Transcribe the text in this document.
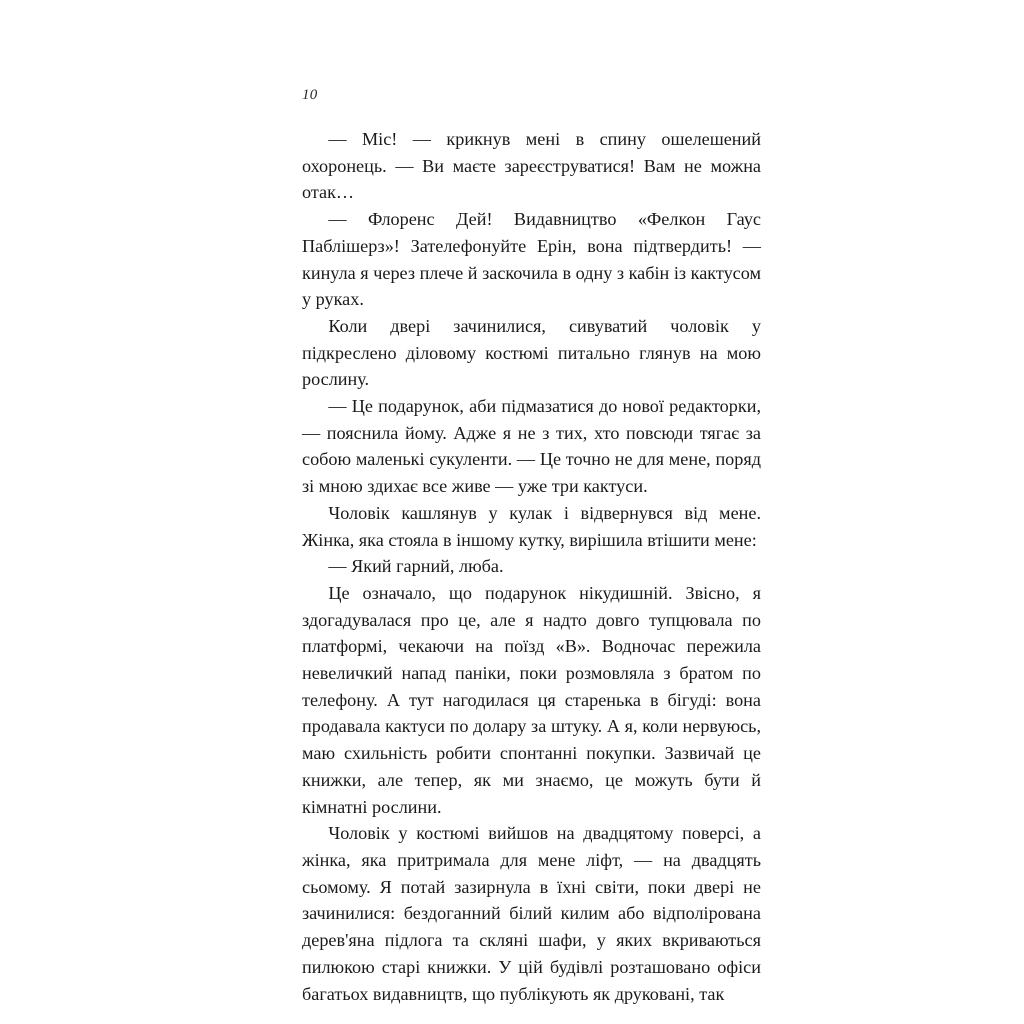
10

— Міс! — крикнув мені в спину ошелешений охоронець. — Ви маєте зареєструватися! Вам не можна отак…

— Флоренс Дей! Видавництво «Фелкон Гаус Паблішерз»! Зателефонуйте Ерін, вона підтвердить! — кинула я через плече й заскочила в одну з кабін із кактусом у руках.

Коли двері зачинилися, сивуватий чоловік у підкреслено діловому костюмі питально глянув на мою рослину.

— Це подарунок, аби підмазатися до нової редакторки, — пояснила йому. Адже я не з тих, хто повсюди тягає за собою маленькі сукуленти. — Це точно не для мене, поряд зі мною здихає все живе — уже три кактуси.

Чоловік кашлянув у кулак і відвернувся від мене. Жінка, яка стояла в іншому кутку, вирішила втішити мене:

— Який гарний, люба.

Це означало, що подарунок нікудишній. Звісно, я здогадувалася про це, але я надто довго тупцювала по платформі, чекаючи на поїзд «В». Водночас пережила невеличкий напад паніки, поки розмовляла з братом по телефону. А тут нагодилася ця старенька в бігуді: вона продавала кактуси по долару за штуку. А я, коли нервуюсь, маю схильність робити спонтанні покупки. Зазвичай це книжки, але тепер, як ми знаємо, це можуть бути й кімнатні рослини.

Чоловік у костюмі вийшов на двадцятому поверсі, а жінка, яка притримала для мене ліфт, — на двадцять сьомому. Я потай зазирнула в їхні світи, поки двері не зачинилися: бездоганний білий килим або відполірована дерев'яна підлога та скляні шафи, у яких вкриваються пилюкою старі книжки. У цій будівлі розташовано офіси багатьох видавництв, що публікують як друковані, так
